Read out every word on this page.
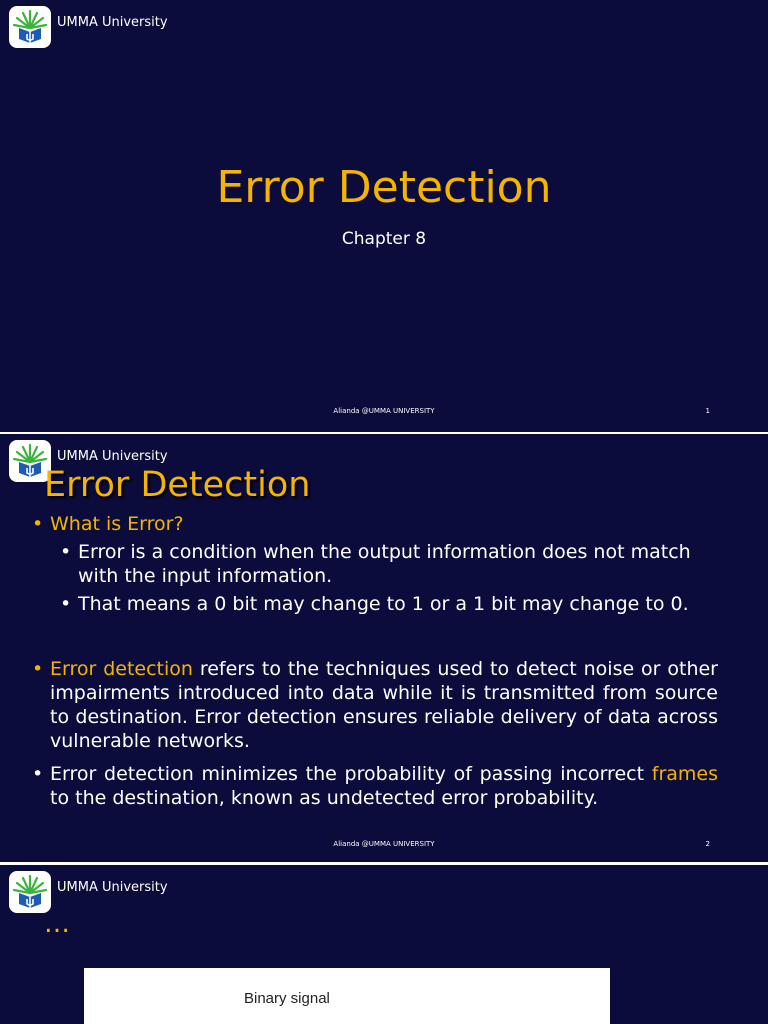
UMMA University
Error Detection
Chapter 8
Alianda @UMMA UNIVERSITY	1
UMMA University
Error Detection
• What is Error?
• Error is a condition when the output information does not match with the input information.
• That means a 0 bit may change to 1 or a 1 bit may change to 0.
• Error detection refers to the techniques used to detect noise or other impairments introduced into data while it is transmitted from source to destination. Error detection ensures reliable delivery of data across vulnerable networks.
• Error detection minimizes the probability of passing incorrect frames to the destination, known as undetected error probability.
Alianda @UMMA UNIVERSITY	2
UMMA University
…
Binary signal
